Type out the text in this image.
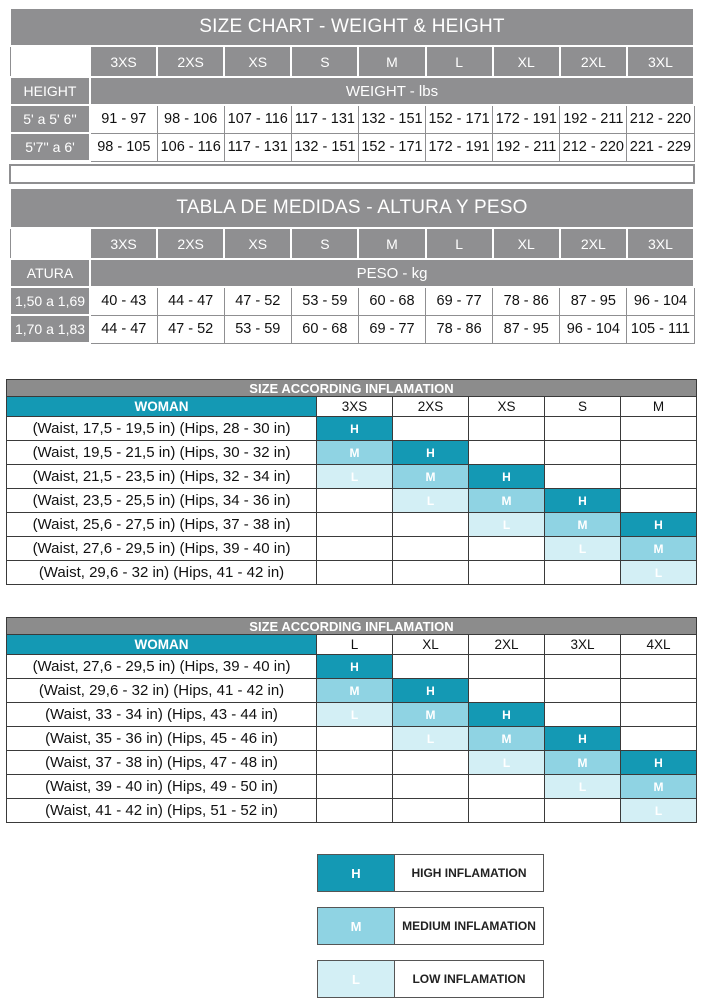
SIZE CHART - WEIGHT & HEIGHT									
	3XS	2XS	XS	S	M	L	XL	2XL	3XL
HEIGHT	WEIGHT - lbs								
5' a 5' 6''	91 - 97	98 - 106	107 - 116	117 - 131	132 - 151	152 - 171	172 - 191	192 - 211	212 - 220
5'7'' a 6'	98 - 105	106 - 116	117 - 131	132 - 151	152 - 171	172 - 191	192 - 211	212 - 220	221 - 229
TABLA DE MEDIDAS - ALTURA Y PESO									
	3XS	2XS	XS	S	M	L	XL	2XL	3XL
ATURA	PESO - kg								
1,50 a 1,69	40 - 43	44 - 47	47 - 52	53 - 59	60 - 68	69 - 77	78 - 86	87 - 95	96 - 104
1,70 a 1,83	44 - 47	47 - 52	53 - 59	60 - 68	69 - 77	78 - 86	87 - 95	96 - 104	105 - 111
SIZE ACCORDING INFLAMATION					
WOMAN	3XS	2XS	XS	S	M
(Waist, 17,5 - 19,5 in) (Hips, 28 - 30 in)	H				
(Waist, 19,5 - 21,5 in) (Hips, 30 - 32 in)	M	H			
(Waist, 21,5 - 23,5 in) (Hips, 32 - 34 in)	L	M	H		
(Waist, 23,5 - 25,5 in) (Hips, 34 - 36 in)		L	M	H	
(Waist, 25,6 - 27,5 in) (Hips, 37 - 38 in)			L	M	H
(Waist, 27,6 - 29,5 in) (Hips, 39 - 40 in)				L	M
(Waist, 29,6 - 32 in) (Hips, 41 - 42 in)					L
SIZE ACCORDING INFLAMATION					
WOMAN	L	XL	2XL	3XL	4XL
(Waist, 27,6 - 29,5 in) (Hips, 39 - 40 in)	H				
(Waist, 29,6 - 32 in) (Hips, 41 - 42 in)	M	H			
(Waist, 33 - 34 in) (Hips, 43 - 44 in)	L	M	H		
(Waist, 35 - 36 in) (Hips, 45 - 46 in)		L	M	H	
(Waist, 37 - 38 in) (Hips, 47 - 48 in)			L	M	H
(Waist, 39 - 40 in) (Hips, 49 - 50 in)				L	M
(Waist, 41 - 42 in) (Hips, 51 - 52 in)					L
H	HIGH INFLAMATION
M	MEDIUM INFLAMATION
L	LOW INFLAMATION
